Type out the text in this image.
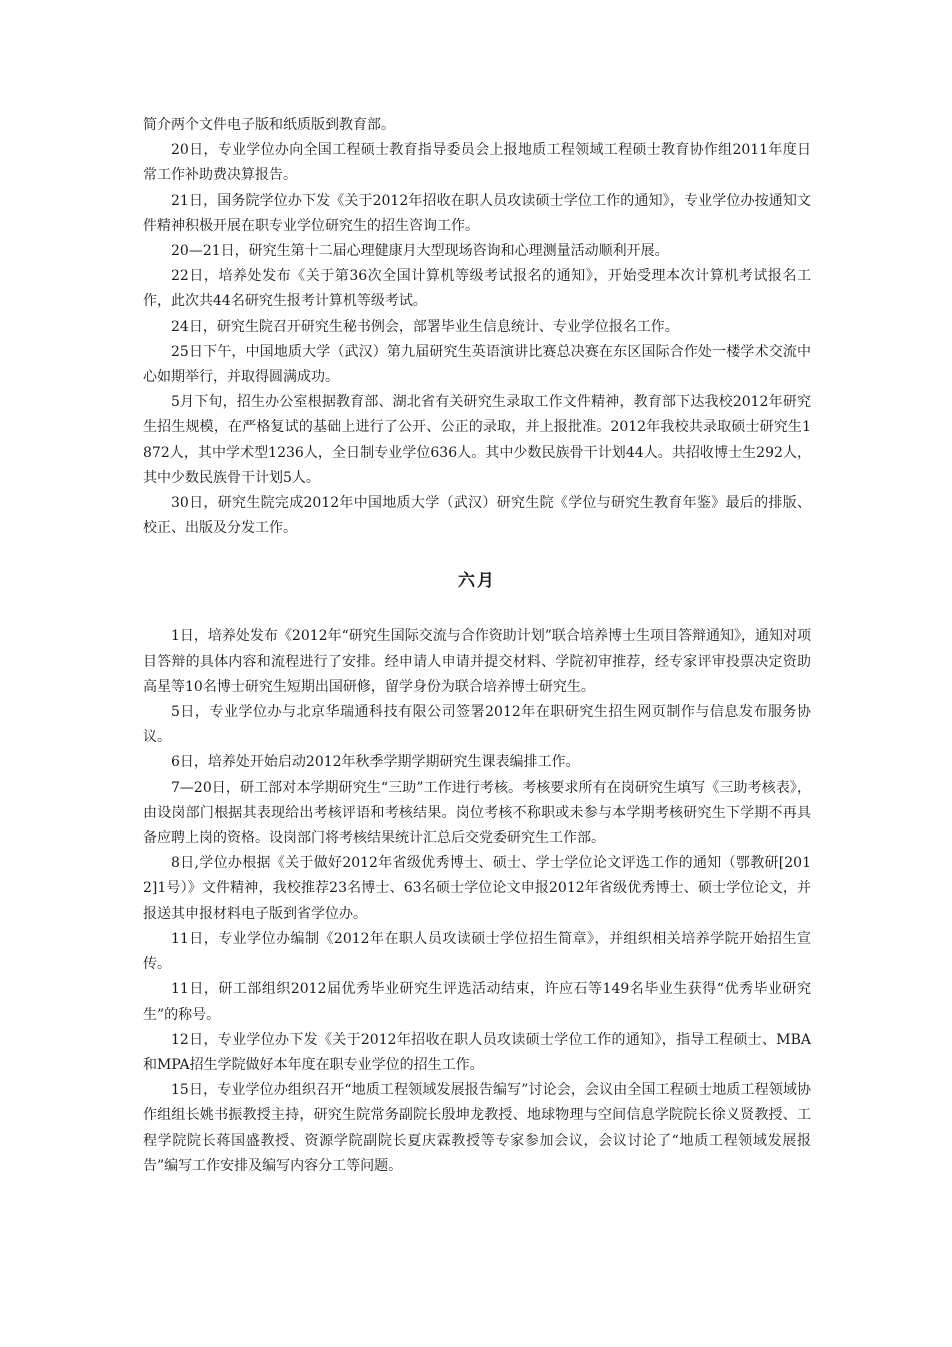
简介两个文件电子版和纸质版到教育部。

20日，专业学位办向全国工程硕士教育指导委员会上报地质工程领域工程硕士教育协作组2011年度日常工作补助费决算报告。

21日，国务院学位办下发《关于2012年招收在职人员攻读硕士学位工作的通知》，专业学位办按通知文件精神积极开展在职专业学位研究生的招生咨询工作。

20—21日，研究生第十二届心理健康月大型现场咨询和心理测量活动顺利开展。

22日，培养处发布《关于第36次全国计算机等级考试报名的通知》，开始受理本次计算机考试报名工作，此次共44名研究生报考计算机等级考试。

24日，研究生院召开研究生秘书例会，部署毕业生信息统计、专业学位报名工作。

25日下午，中国地质大学（武汉）第九届研究生英语演讲比赛总决赛在东区国际合作处一楼学术交流中心如期举行，并取得圆满成功。

5月下旬，招生办公室根据教育部、湖北省有关研究生录取工作文件精神，教育部下达我校2012年研究生招生规模，在严格复试的基础上进行了公开、公正的录取，并上报批准。2012年我校共录取硕士研究生1872人，其中学术型1236人，全日制专业学位636人。其中少数民族骨干计划44人。共招收博士生292人，其中少数民族骨干计划5人。

30日，研究生院完成2012年中国地质大学（武汉）研究生院《学位与研究生教育年鉴》最后的排版、校正、出版及分发工作。

六月

1日，培养处发布《2012年“研究生国际交流与合作资助计划”联合培养博士生项目答辩通知》，通知对项目答辩的具体内容和流程进行了安排。经申请人申请并提交材料、学院初审推荐，经专家评审投票决定资助高星等10名博士研究生短期出国研修，留学身份为联合培养博士研究生。

5日，专业学位办与北京华瑞通科技有限公司签署2012年在职研究生招生网页制作与信息发布服务协议。

6日，培养处开始启动2012年秋季学期学期研究生课表编排工作。

7—20日，研工部对本学期研究生“三助”工作进行考核。考核要求所有在岗研究生填写《三助考核表》，由设岗部门根据其表现给出考核评语和考核结果。岗位考核不称职或未参与本学期考核研究生下学期不再具备应聘上岗的资格。设岗部门将考核结果统计汇总后交党委研究生工作部。

8日,学位办根据《关于做好2012年省级优秀博士、硕士、学士学位论文评选工作的通知（鄂教研[2012]1号）》文件精神，我校推荐23名博士、63名硕士学位论文申报2012年省级优秀博士、硕士学位论文，并报送其申报材料电子版到省学位办。

11日，专业学位办编制《2012年在职人员攻读硕士学位招生简章》，并组织相关培养学院开始招生宣传。

11日，研工部组织2012届优秀毕业研究生评选活动结束，许应石等149名毕业生获得“优秀毕业研究生”的称号。

12日，专业学位办下发《关于2012年招收在职人员攻读硕士学位工作的通知》，指导工程硕士、MBA和MPA招生学院做好本年度在职专业学位的招生工作。

15日，专业学位办组织召开“地质工程领域发展报告编写”讨论会，会议由全国工程硕士地质工程领域协作组组长姚书振教授主持，研究生院常务副院长殷坤龙教授、地球物理与空间信息学院院长徐义贤教授、工程学院院长蒋国盛教授、资源学院副院长夏庆霖教授等专家参加会议，会议讨论了“地质工程领域发展报告”编写工作安排及编写内容分工等问题。
